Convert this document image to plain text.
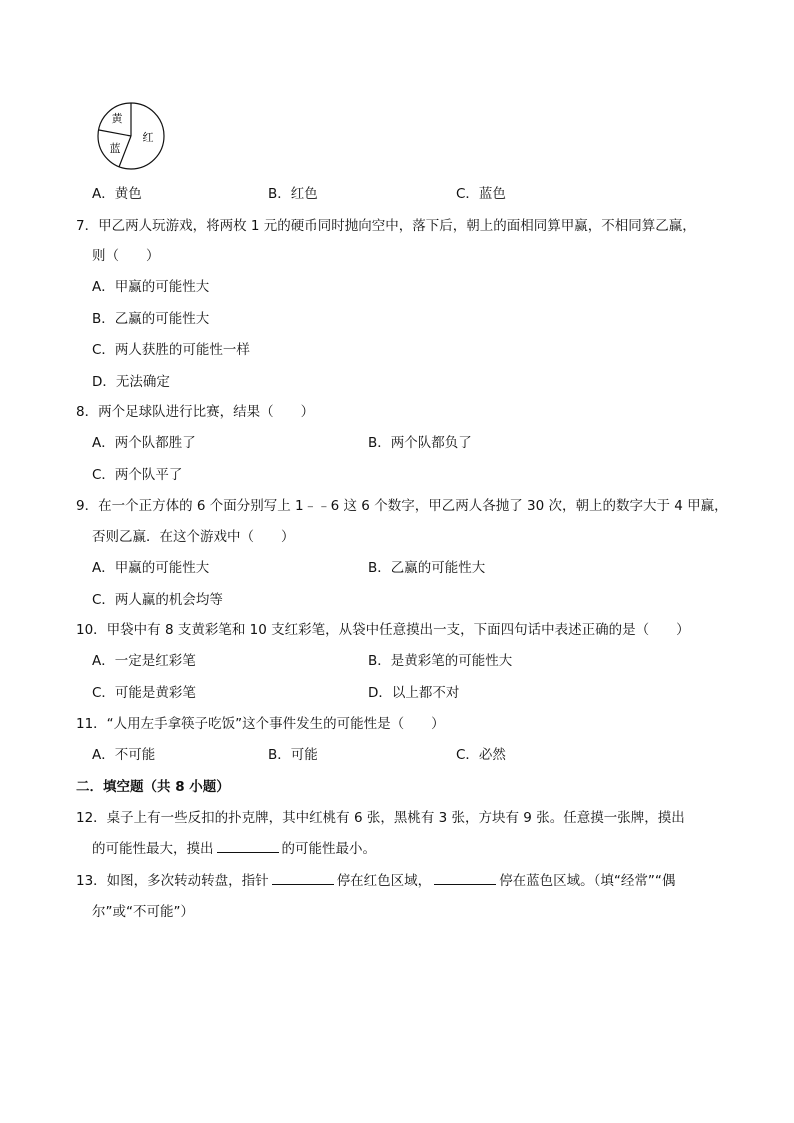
黄
红
蓝
A．黄色	B．红色	C．蓝色
7．甲乙两人玩游戏，将两枚 1 元的硬币同时抛向空中，落下后，朝上的面相同算甲赢，不相同算乙赢，
则（　　）
A．甲赢的可能性大
B．乙赢的可能性大
C．两人获胜的可能性一样
D．无法确定
8．两个足球队进行比赛，结果（　　）
A．两个队都胜了	B．两个队都负了
C．两个队平了
9．在一个正方体的 6 个面分别写上 1﹣﹣6 这 6 个数字，甲乙两人各抛了 30 次，朝上的数字大于 4 甲赢，
否则乙赢．在这个游戏中（　　）
A．甲赢的可能性大	B．乙赢的可能性大
C．两人赢的机会均等
10．甲袋中有 8 支黄彩笔和 10 支红彩笔，从袋中任意摸出一支，下面四句话中表述正确的是（　　）
A．一定是红彩笔	B．是黄彩笔的可能性大
C．可能是黄彩笔	D．以上都不对
11．“人用左手拿筷子吃饭”这个事件发生的可能性是（　　）
A．不可能	B．可能	C．必然
二．填空题（共 8 小题）
12．桌子上有一些反扣的扑克牌，其中红桃有 6 张，黑桃有 3 张，方块有 9 张。任意摸一张牌，摸出
的可能性最大，摸出	的可能性最小。
13．如图，多次转动转盘，指针	停在红色区域，	停在蓝色区域。（填“经常”“偶
尔”或“不可能”）
